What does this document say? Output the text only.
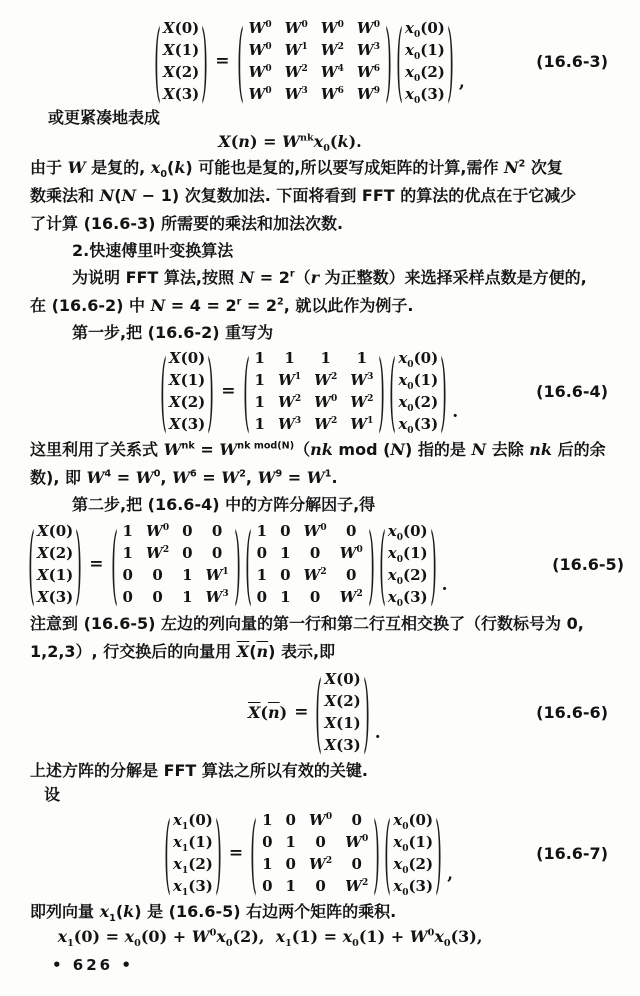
( X(0)
X(1)
X(2)
X(3) ) = ( $W^0$ $W^0$ $W^0$ $W^0$
$W^0$ $W^1$ $W^2$ $W^3$
$W^0$ $W^2$ $W^4$ $W^6$
$W^0$ $W^3$ $W^6$ $W^9$ ) ( $x_0(0)$
$x_0(1)$
$x_0(2)$
$x_0(3)$ ) ,
(16.6-3)
或更紧凑地表成
$X(n) = W^{nk}x_0(k)$.
由于 W 是复的, $x_0(k)$ 可能也是复的,所以要写成矩阵的计算,需作 $N^2$ 次复
数乘法和 N(N − 1) 次复数加法. 下面将看到 FFT 的算法的优点在于它减少
了计算 (16.6-3) 所需要的乘法和加法次数.
2.快速傅里叶变换算法
为说明 FFT 算法,按照 $N = 2^r(r$ 为正整数）来选择采样点数是方便的,
在 (16.6-2) 中 $N = 4 = 2^r = 2^2$, 就以此作为例子.
第一步,把 (16.6-2) 重写为
( X(0)
X(1)
X(2)
X(3) ) = ( 1 1 1 1
1 $W^1$ $W^2$ $W^3$
1 $W^2$ $W^0$ $W^2$
1 $W^3$ $W^2$ $W^1$ ) ( $x_0(0)$
$x_0(1)$
$x_0(2)$
$x_0(3)$ ) .
(16.6-4)
这里利用了关系式 $W^{nk} = W^{nk mod(N)}(nk$ mod (N) 指的是 N 去除 nk 后的余
数), 即 $W^4 = W^0$, $W^6 = W^2$, $W^9 = W^1$.
第二步,把 (16.6-4) 中的方阵分解因子,得
( X(0)
X(2)
X(1)
X(3) ) = ( 1 $W^0$ 0 0
1 $W^2$ 0 0
0 0 1 $W^1$
0 0 1 $W^3$ ) ( 1 0 $W^0$ 0
0 1 0 $W^0$
1 0 $W^2$ 0
0 1 0 $W^2$ ) ( $x_0(0)$
$x_0(1)$
$x_0(2)$
$x_0(3)$ ) .
(16.6-5)
注意到 (16.6-5) 左边的列向量的第一行和第二行互相交换了（行数标号为 0,
1,2,3）, 行交换后的向量用 $\overline{X}(\overline{n})$ 表示,即
$\overline{X}(\overline{n})$ = ( X(0)
X(2)
X(1)
X(3) ) .
(16.6-6)
上述方阵的分解是 FFT 算法之所以有效的关键.
设
( $x_1(0)$
$x_1(1)$
$x_1(2)$
$x_1(3)$ ) = ( 1 0 $W^0$ 0
0 1 0 $W^0$
1 0 $W^2$ 0
0 1 0 $W^2$ ) ( $x_0(0)$
$x_0(1)$
$x_0(2)$
$x_0(3)$ ) ,
(16.6-7)
即列向量 $x_1(k)$ 是 (16.6-5) 右边两个矩阵的乘积.
$x_1(0) = x_0(0) + W^0x_0(2)$,  $x_1(1) = x_0(1) + W^0x_0(3)$,
• 626 •
